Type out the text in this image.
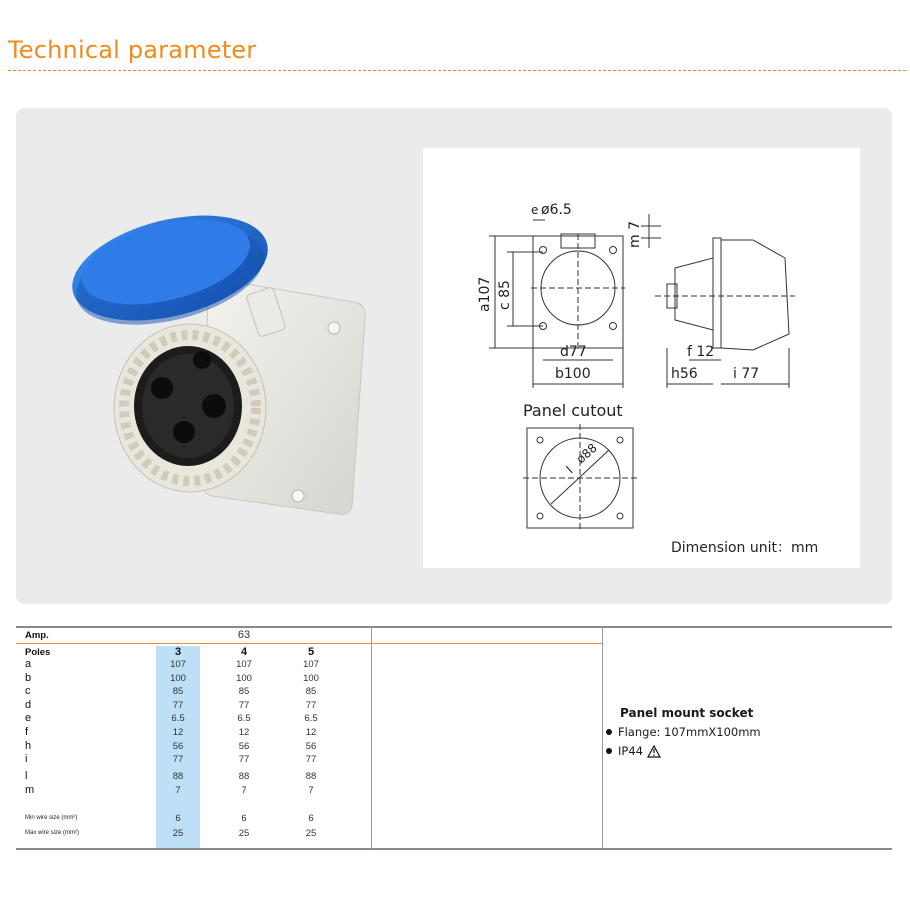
Technical parameter
e ø6.5
a107 c 85
d77
b100
m 7
f 12
h56	i 77
Panel cutout
l
ø88
Dimension unit：mm
Amp.	63
Poles	3	4	5
a	107	107	107
b	100	100	100
c	85	85	85
d	77	77	77
e	6.5	6.5	6.5
f	12	12	12
h	56	56	56
i	77	77	77
l	88	88	88
m	7	7	7
Min wire size (mm²)	6	6	6
Max wire size (mm²)	25	25	25
Panel mount socket
Flange: 107mmX100mm
IP44
